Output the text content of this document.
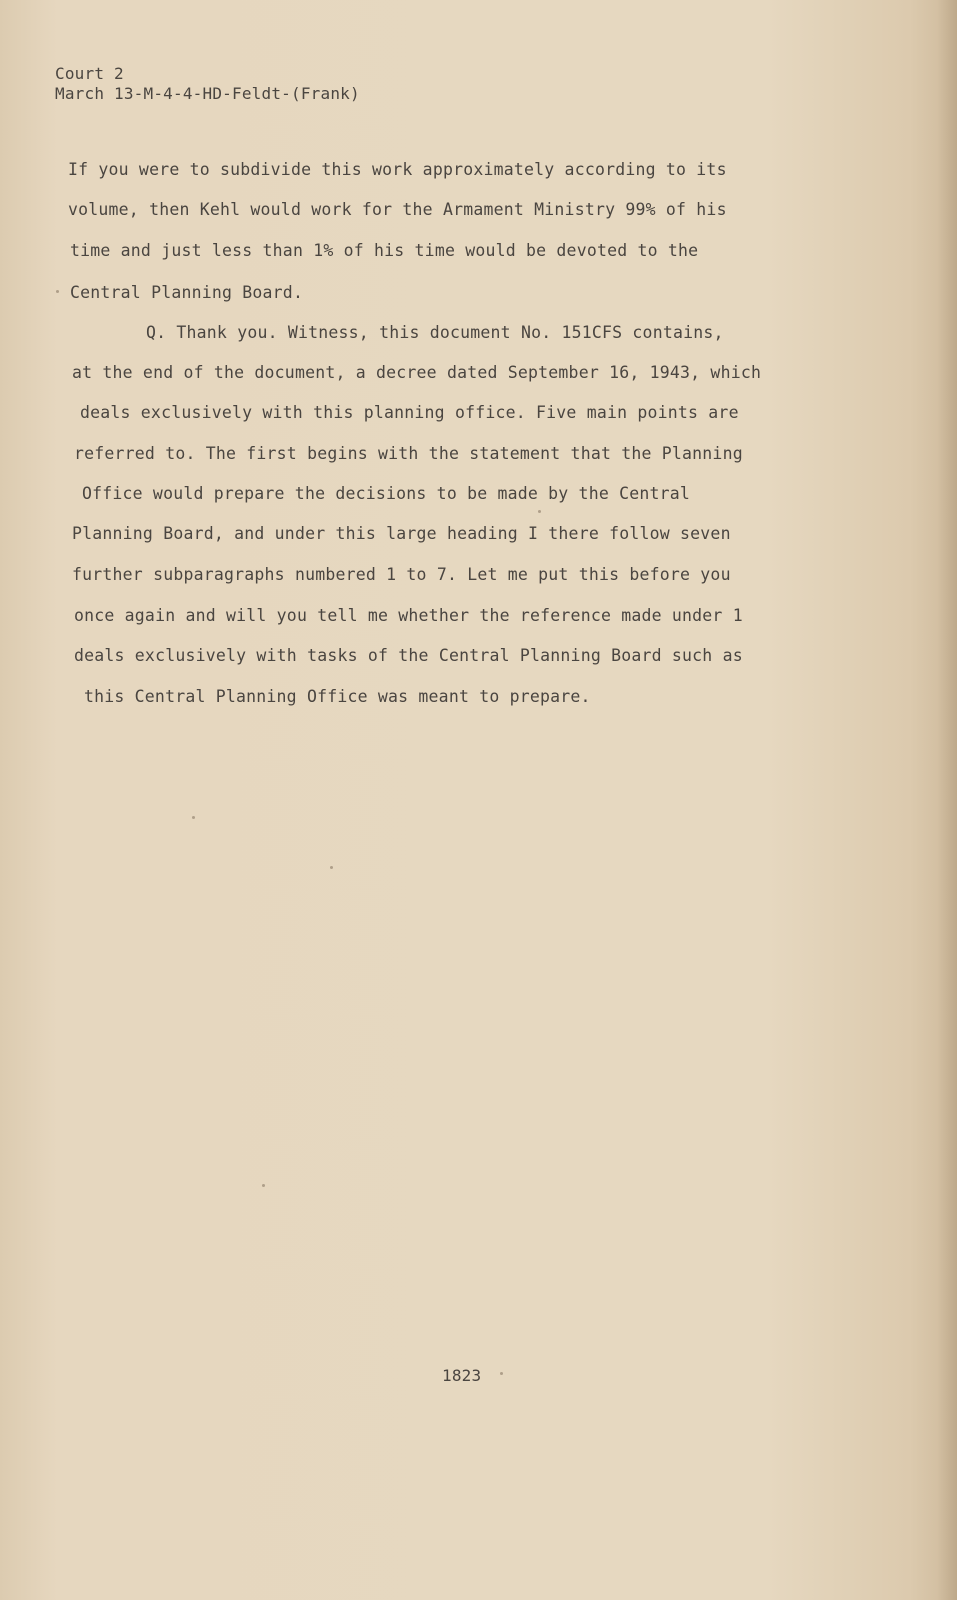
Court 2
March 13-M-4-4-HD-Feldt-(Frank)
If you were to subdivide this work approximately according to its
volume, then Kehl would work for the Armament Ministry 99% of his
time and just less than 1% of his time would be devoted to the
Central Planning Board.
Q. Thank you. Witness, this document No. 151CFS contains,
at the end of the document, a decree dated September 16, 1943, which
deals exclusively with this planning office. Five main points are
referred to. The first begins with the statement that the Planning
Office would prepare the decisions to be made by the Central
Planning Board, and under this large heading I there follow seven
further subparagraphs numbered 1 to 7. Let me put this before you
once again and will you tell me whether the reference made under 1
deals exclusively with tasks of the Central Planning Board such as
this Central Planning Office was meant to prepare.
1823
